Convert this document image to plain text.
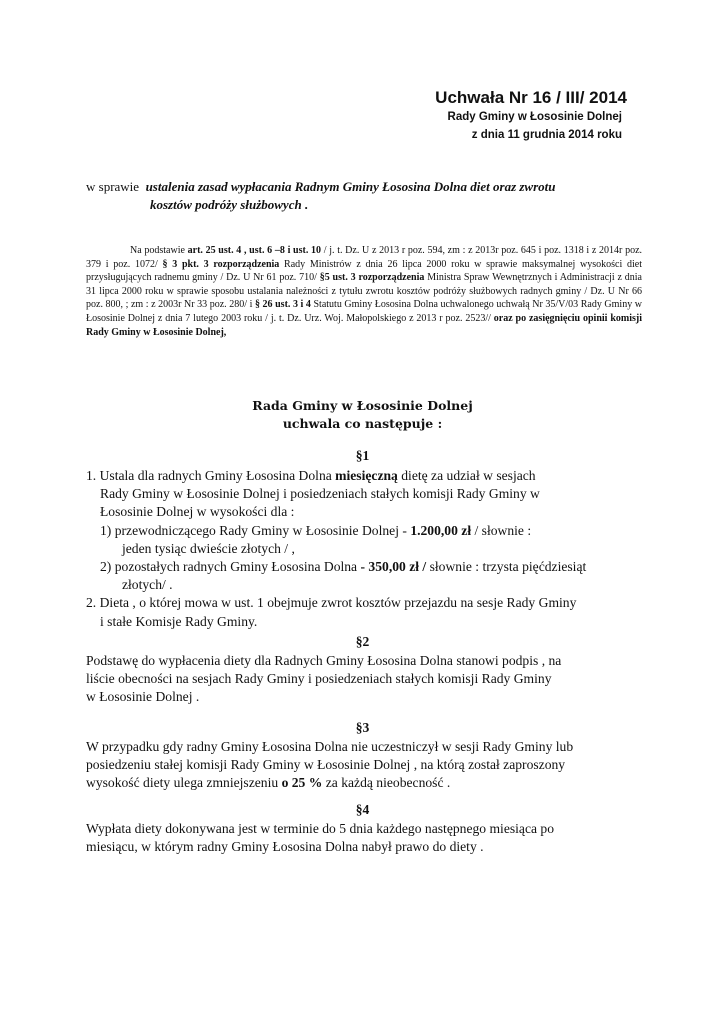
Uchwała Nr 16 / III/ 2014
Rady Gminy w Łososinie Dolnej
z dnia 11 grudnia 2014 roku
w sprawie ustalenia zasad wypłacania Radnym Gminy Łososina Dolna diet oraz zwrotu
kosztów podróży służbowych .
Na podstawie art. 25 ust. 4 , ust. 6 –8 i ust. 10 / j. t. Dz. U z 2013 r poz. 594, zm : z 2013r poz. 645 i poz. 1318 i z 2014r poz. 379 i poz. 1072/ § 3 pkt. 3 rozporządzenia Rady Ministrów z dnia 26 lipca 2000 roku w sprawie maksymalnej wysokości diet przysługujących radnemu gminy / Dz. U Nr 61 poz. 710/ §5 ust. 3 rozporządzenia Ministra Spraw Wewnętrznych i Administracji z dnia 31 lipca 2000 roku w sprawie sposobu ustalania należności z tytułu zwrotu kosztów podróży służbowych radnych gminy / Dz. U Nr 66 poz. 800, ; zm : z 2003r Nr 33 poz. 280/ i § 26 ust. 3 i 4 Statutu Gminy Łososina Dolna uchwalonego uchwałą Nr 35/V/03 Rady Gminy w Łososinie Dolnej z dnia 7 lutego 2003 roku / j. t. Dz. Urz. Woj. Małopolskiego z 2013 r poz. 2523// oraz po zasięgnięciu opinii komisji Rady Gminy w Łososinie Dolnej,
Rada Gminy w Łososinie Dolnej
uchwala co następuje :
§1
1. Ustala dla radnych Gminy Łososina Dolna miesięczną dietę za udział w sesjach
Rady Gminy w Łososinie Dolnej i posiedzeniach stałych komisji Rady Gminy w
Łososinie Dolnej w wysokości dla :
1) przewodniczącego Rady Gminy w Łososinie Dolnej - 1.200,00 zł / słownie :
jeden tysiąc dwieście złotych / ,
2) pozostałych radnych Gminy Łososina Dolna - 350,00 zł / słownie : trzysta pięćdziesiąt
złotych/ .
2. Dieta , o której mowa w ust. 1 obejmuje zwrot kosztów przejazdu na sesje Rady Gminy
i stałe Komisje Rady Gminy.
§2
Podstawę do wypłacenia diety dla Radnych Gminy Łososina Dolna stanowi podpis , na
liście obecności na sesjach Rady Gminy i posiedzeniach stałych komisji Rady Gminy
w Łososinie Dolnej .
§3
W przypadku gdy radny Gminy Łososina Dolna nie uczestniczył w sesji Rady Gminy lub
posiedzeniu stałej komisji Rady Gminy w Łososinie Dolnej , na którą został zaproszony
wysokość diety ulega zmniejszeniu o 25 % za każdą nieobecność .
§4
Wypłata diety dokonywana jest w terminie do 5 dnia każdego następnego miesiąca po
miesiącu, w którym radny Gminy Łososina Dolna nabył prawo do diety .
